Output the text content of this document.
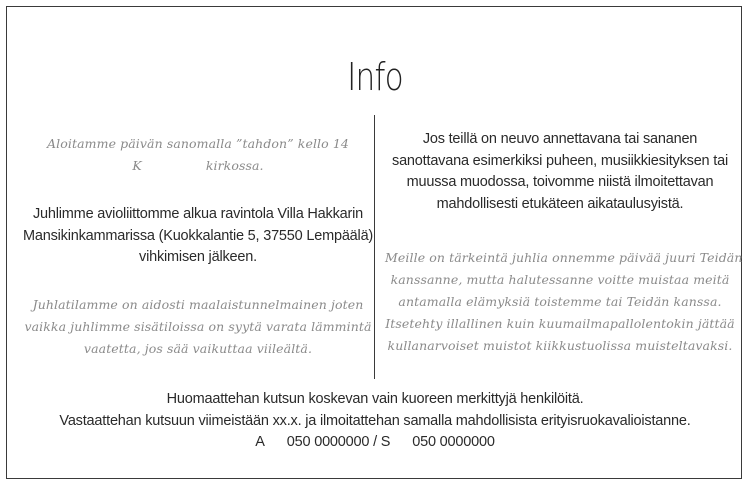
Info
Aloitamme päivän sanomalla ”tahdon” kello 14
K	kirkossa.
Juhlimme avioliittomme alkua ravintola Villa Hakkarin
Mansikinkammarissa (Kuokkalantie 5, 37550 Lempäälä)
vihkimisen jälkeen.
Juhlatilamme on aidosti maalaistunnelmainen joten
vaikka juhlimme sisätiloissa on syytä varata lämmintä
vaatetta, jos sää vaikuttaa viileältä.
Jos teillä on neuvo annettavana tai sananen
sanottavana esimerkiksi puheen, musiikkiesityksen tai
muussa muodossa, toivomme niistä ilmoitettavan
mahdollisesti etukäteen aikataulusyistä.
Meille on tärkeintä juhlia onnemme päivää juuri Teidän
kanssanne, mutta halutessanne voitte muistaa meitä
antamalla elämyksiä toistemme tai Teidän kanssa.
Itsetehty illallinen kuin kuumailmapallolentokin jättää
kullanarvoiset muistot kiikkustuolissa muisteltavaksi.
Huomaattehan kutsun koskevan vain kuoreen merkittyjä henkilöitä.
Vastaattehan kutsuun viimeistään xx.x. ja ilmoitattehan samalla mahdollisista erityisruokavalioistanne.
A 050 0000000 / S 050 0000000
